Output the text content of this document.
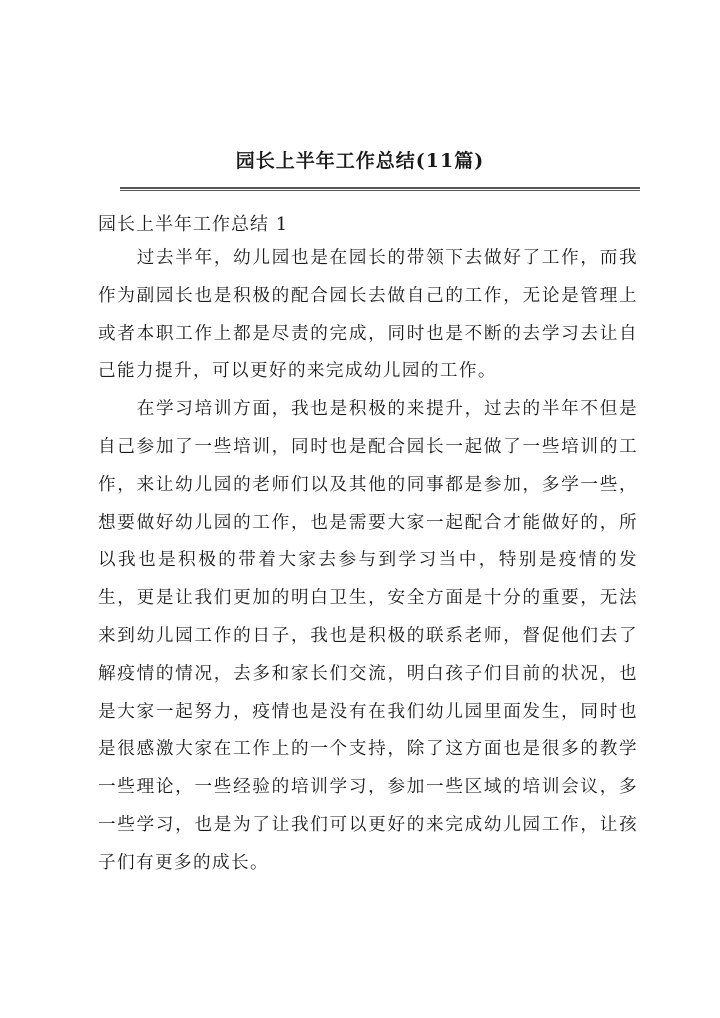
园长上半年工作总结(11篇)
园长上半年工作总结 1

过去半年，幼儿园也是在园长的带领下去做好了工作，而我作为副园长也是积极的配合园长去做自己的工作，无论是管理上或者本职工作上都是尽责的完成，同时也是不断的去学习去让自己能力提升，可以更好的来完成幼儿园的工作。

在学习培训方面，我也是积极的来提升，过去的半年不但是自己参加了一些培训，同时也是配合园长一起做了一些培训的工作，来让幼儿园的老师们以及其他的同事都是参加，多学一些，想要做好幼儿园的工作，也是需要大家一起配合才能做好的，所以我也是积极的带着大家去参与到学习当中，特别是疫情的发生，更是让我们更加的明白卫生，安全方面是十分的重要，无法来到幼儿园工作的日子，我也是积极的联系老师，督促他们去了解疫情的情况，去多和家长们交流，明白孩子们目前的状况，也是大家一起努力，疫情也是没有在我们幼儿园里面发生，同时也是很感激大家在工作上的一个支持，除了这方面也是很多的教学一些理论，一些经验的培训学习，参加一些区域的培训会议，多一些学习，也是为了让我们可以更好的来完成幼儿园工作，让孩子们有更多的成长。
